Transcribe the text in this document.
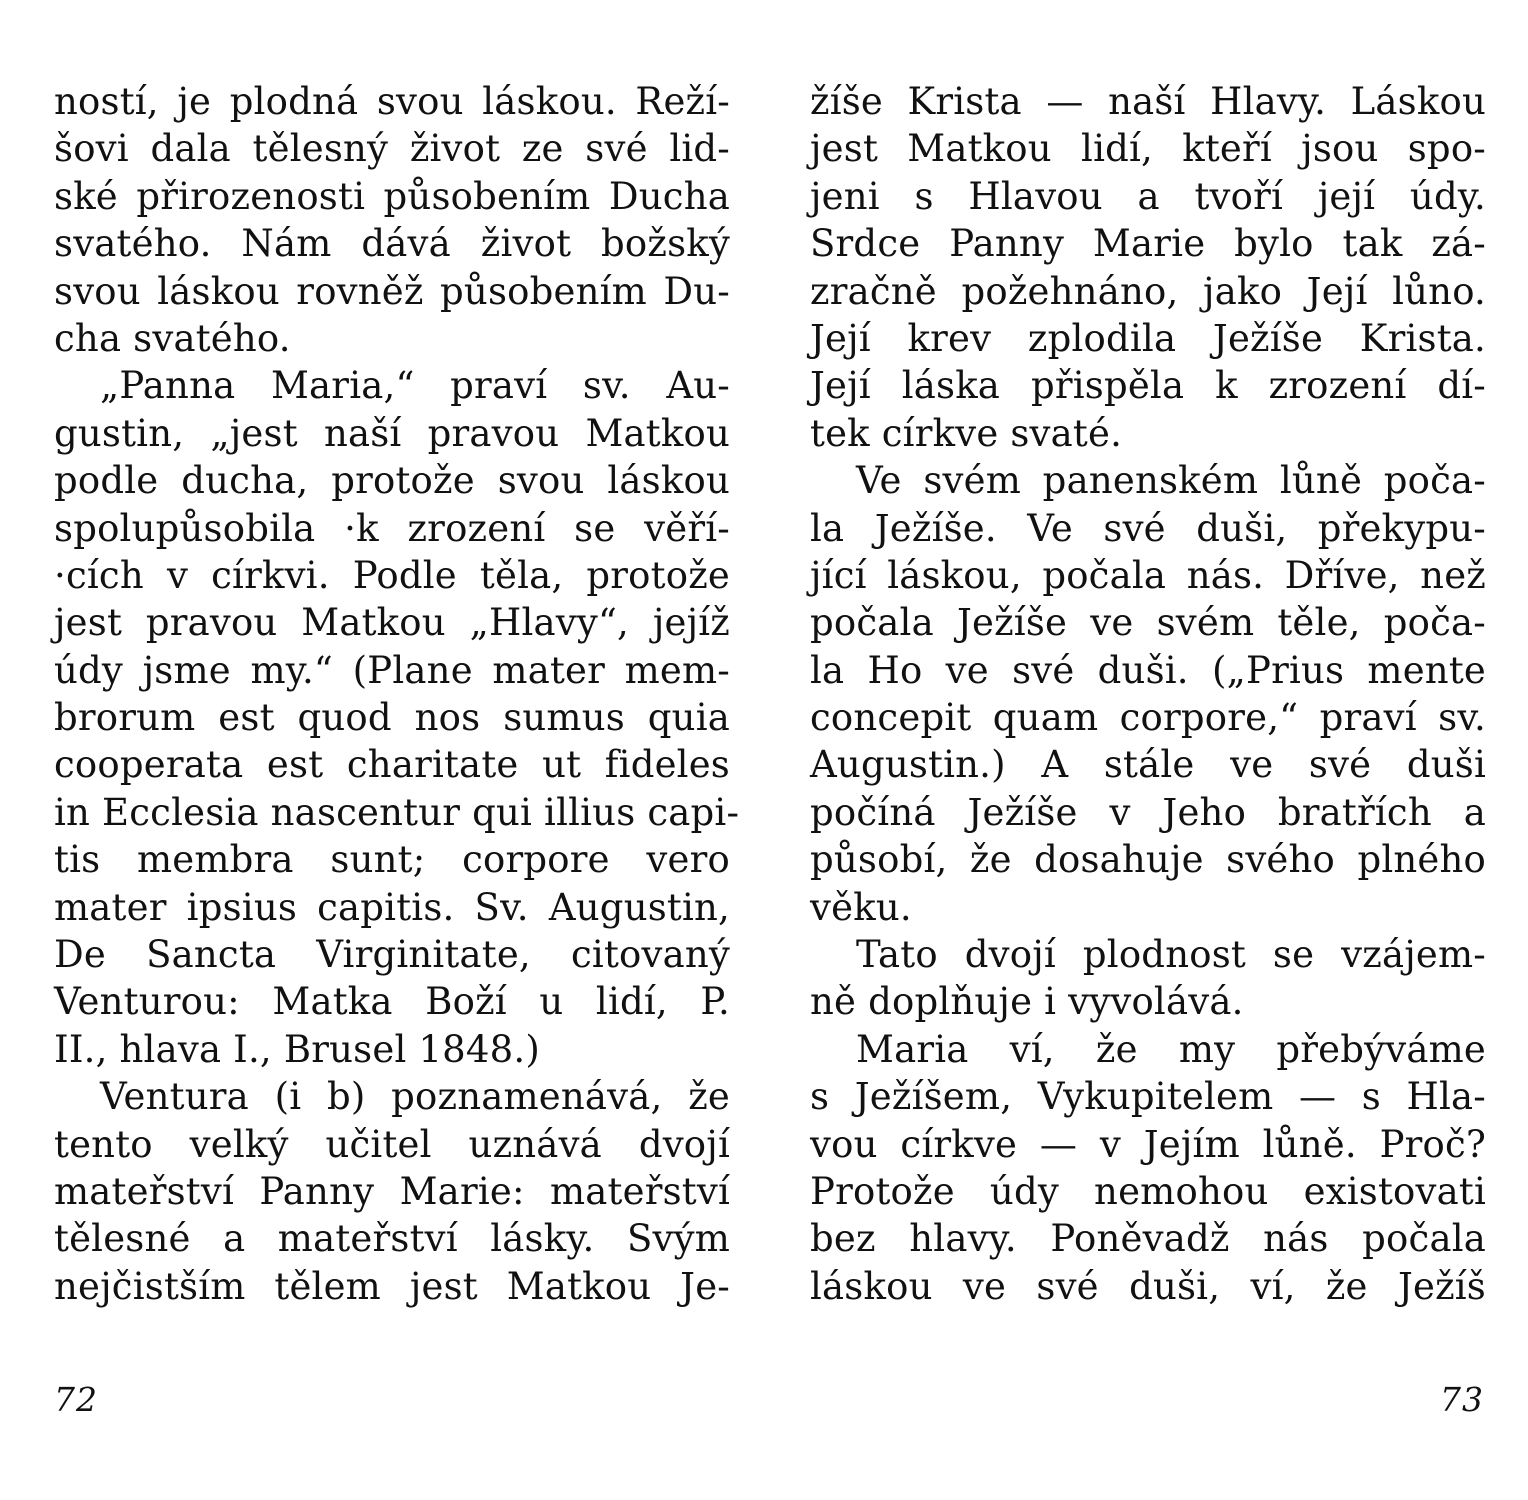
ností, je plodná svou láskou. Reží-
šovi dala tělesný život ze své lid-
ské přirozenosti působením Ducha
svatého. Nám dává život božský
svou láskou rovněž působením Du-
cha svatého.
„Panna Maria,“ praví sv. Au-
gustin, „jest naší pravou Matkou
podle ducha, protože svou láskou
spolupůsobila ·k zrození se věří-
·cích v církvi. Podle těla, protože
jest pravou Matkou „Hlavy“, jejíž
údy jsme my.“ (Plane mater mem-
brorum est quod nos sumus quia
cooperata est charitate ut fideles
in Ecclesia nascentur qui illius capi-
tis membra sunt; corpore vero
mater ipsius capitis. Sv. Augustin,
De Sancta Virginitate, citovaný
Venturou: Matka Boží u lidí, P.
II., hlava I., Brusel 1848.)
Ventura (i b) poznamenává, že
tento velký učitel uznává dvojí
mateřství Panny Marie: mateřství
tělesné a mateřství lásky. Svým
nejčistším tělem jest Matkou Je-
žíše Krista — naší Hlavy. Láskou
jest Matkou lidí, kteří jsou spo-
jeni s Hlavou a tvoří její údy.
Srdce Panny Marie bylo tak zá-
zračně požehnáno, jako Její lůno.
Její krev zplodila Ježíše Krista.
Její láska přispěla k zrození dí-
tek církve svaté.
Ve svém panenském lůně poča-
la Ježíše. Ve své duši, překypu-
jící láskou, počala nás. Dříve, než
počala Ježíše ve svém těle, poča-
la Ho ve své duši. („Prius mente
concepit quam corpore,“ praví sv.
Augustin.) A stále ve své duši
počíná Ježíše v Jeho bratřích a
působí, že dosahuje svého plného
věku.
Tato dvojí plodnost se vzájem-
ně doplňuje i vyvolává.
Maria ví, že my přebýváme
s Ježíšem, Vykupitelem — s Hla-
vou církve — v Jejím lůně. Proč?
Protože údy nemohou existovati
bez hlavy. Poněvadž nás počala
láskou ve své duši, ví, že Ježíš
72	73
